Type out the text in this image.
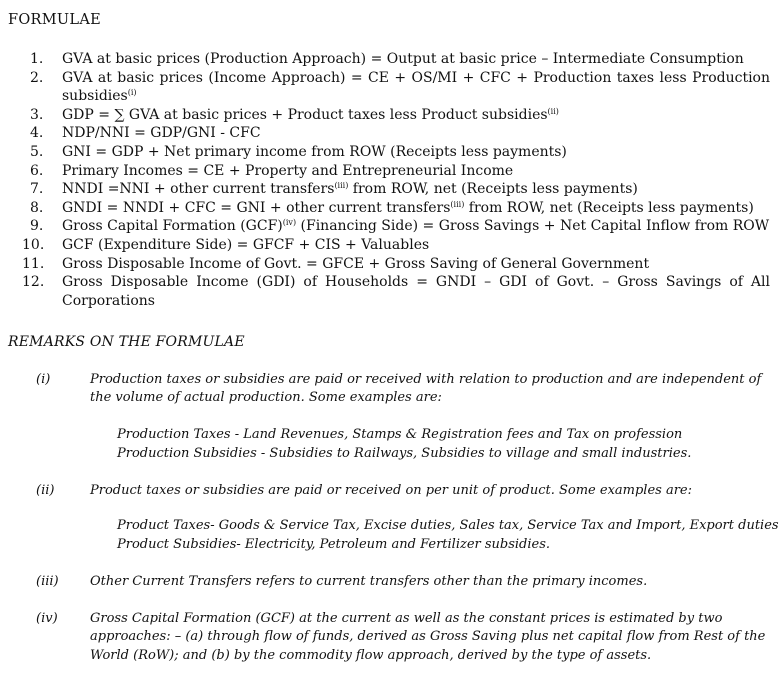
FORMULAE
1.	GVA at basic prices (Production Approach) = Output at basic price – Intermediate Consumption
2.	GVA at basic prices (Income Approach) = CE + OS/MI + CFC + Production taxes less Production subsidies$^{(i)}$
3.	GDP = ∑ GVA at basic prices + Product taxes less Product subsidies$^{(ii)}$
4.	NDP/NNI = GDP/GNI - CFC
5.	GNI = GDP + Net primary income from ROW (Receipts less payments)
6.	Primary Incomes = CE + Property and Entrepreneurial Income
7.	NNDI =NNI + other current transfers$^{(iii)}$ from ROW, net (Receipts less payments)
8.	GNDI = NNDI + CFC = GNI + other current transfers$^{(iii)}$ from ROW, net (Receipts less payments)
9.	Gross Capital Formation (GCF)$^{(iv)}$ (Financing Side) = Gross Savings + Net Capital Inflow from ROW
10.	GCF (Expenditure Side) = GFCF + CIS + Valuables
11.	Gross Disposable Income of Govt. = GFCE + Gross Saving of General Government
12.	Gross Disposable Income (GDI) of Households = GNDI – GDI of Govt. – Gross Savings of All Corporations
REMARKS ON THE FORMULAE
(i)	Production taxes or subsidies are paid or received with relation to production and are independent of the volume of actual production. Some examples are:
Production Taxes - Land Revenues, Stamps & Registration fees and Tax on profession
Production Subsidies - Subsidies to Railways, Subsidies to village and small industries.
(ii)	Product taxes or subsidies are paid or received on per unit of product. Some examples are:
Product Taxes- Goods & Service Tax, Excise duties, Sales tax, Service Tax and Import, Export duties
Product Subsidies- Electricity, Petroleum and Fertilizer subsidies.
(iii)	Other Current Transfers refers to current transfers other than the primary incomes.
(iv)	Gross Capital Formation (GCF) at the current as well as the constant prices is estimated by two approaches: – (a) through flow of funds, derived as Gross Saving plus net capital flow from Rest of the World (RoW); and (b) by the commodity flow approach, derived by the type of assets.
